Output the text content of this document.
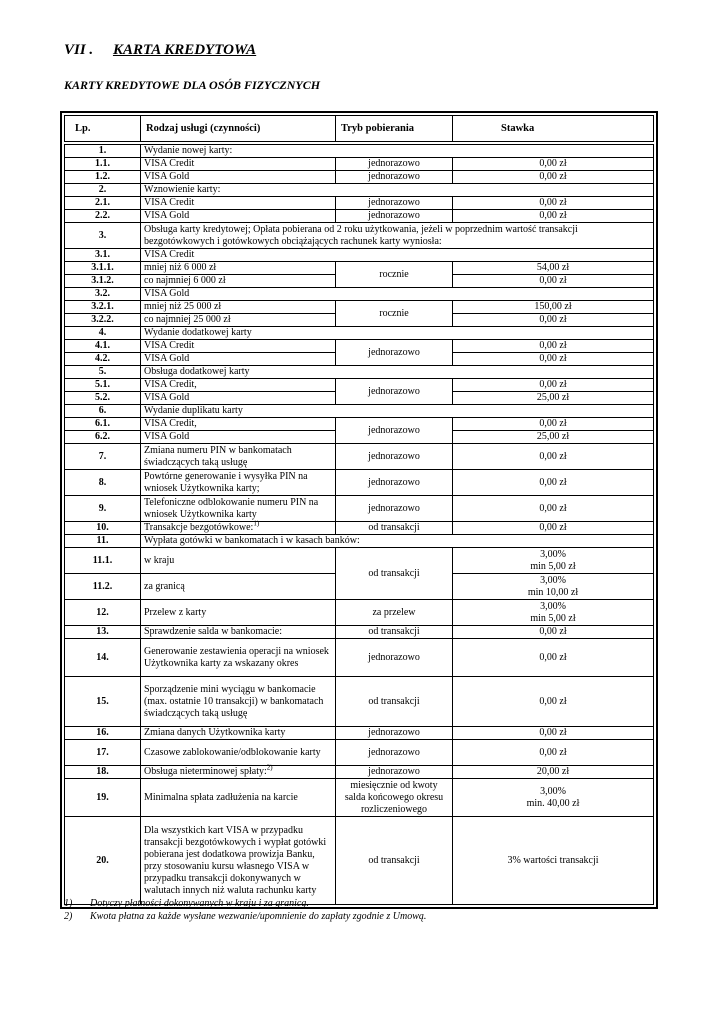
VII . KARTA KREDYTOWA
KARTY KREDYTOWE DLA OSÓB FIZYCZNYCH
Lp.	Rodzaj usługi (czynności)	Tryb pobierania	Stawka

1.	Wydanie nowej karty:		
1.1.	VISA Credit	jednorazowo	0,00 zł
1.2.	VISA Gold	jednorazowo	0,00 zł
2.	Wznowienie karty:		
2.1.	VISA Credit	jednorazowo	0,00 zł
2.2.	VISA Gold	jednorazowo	0,00 zł
3.	Obsługa karty kredytowej; Opłata pobierana od 2 roku użytkowania, jeżeli w poprzednim wartość transakcji bezgotówkowych i gotówkowych obciążających rachunek karty wyniosła:		
3.1.	VISA Credit		
3.1.1.	mniej niż 6 000 zł	rocznie	54,00 zł
3.1.2.	co najmniej 6 000 zł		0,00 zł
3.2.	VISA Gold		
3.2.1.	mniej niż 25 000 zł	rocznie	150,00 zł
3.2.2.	co najmniej 25 000 zł		0,00 zł
4.	Wydanie dodatkowej karty		
4.1.	VISA Credit	jednorazowo	0,00 zł
4.2.	VISA Gold		0,00 zł
5.	Obsługa dodatkowej karty		
5.1.	VISA Credit,	jednorazowo	0,00 zł
5.2.	VISA Gold		25,00 zł
6.	Wydanie duplikatu karty		
6.1.	VISA Credit,	jednorazowo	0,00 zł
6.2.	VISA Gold		25,00 zł
7.	Zmiana numeru PIN w bankomatach świadczących taką usługę	jednorazowo	0,00 zł
8.	Powtórne generowanie i wysyłka PIN na wniosek Użytkownika karty;	jednorazowo	0,00 zł
9.	Telefoniczne odblokowanie numeru PIN na wniosek Użytkownika karty	jednorazowo	0,00 zł
10.	Transakcje bezgotówkowe:$^{1)}$	od transakcji	0,00 zł
11.	Wypłata gotówki w bankomatach i w kasach banków:		
11.1.	w kraju	od transakcji	3,00%
min 5,00 zł

11.2.	za granicą		3,00%
min 10,00 zł

12.	Przelew z karty	za przelew	3,00%
min 5,00 zł

13.	Sprawdzenie salda w bankomacie:	od transakcji	0,00 zł
14.	Generowanie zestawienia operacji na wniosek Użytkownika karty za wskazany okres	jednorazowo	0,00 zł
15.	Sporządzenie mini wyciągu w bankomacie (max. ostatnie 10 transakcji) w bankomatach świadczących taką usługę	od transakcji	0,00 zł
16.	Zmiana danych Użytkownika karty	jednorazowo	0,00 zł
17.	Czasowe zablokowanie/odblokowanie karty	jednorazowo	0,00 zł
18.	Obsługa nieterminowej spłaty:$^{2)}$	jednorazowo	20,00 zł
19.	Minimalna spłata zadłużenia na karcie	miesięcznie od kwoty salda końcowego okresu rozliczeniowego	3,00%
min. 40,00 zł

20.	Dla wszystkich kart VISA w przypadku transakcji bezgotówkowych i wypłat gotówki pobierana jest dodatkowa prowizja Banku, przy stosowaniu kursu własnego VISA w przypadku transakcji dokonywanych w walutach innych niż waluta rachunku karty	od transakcji	3% wartości transakcji
1)	Dotyczy płatności dokonywanych w kraju i za granicą.
2)	Kwota płatna za każde wysłane wezwanie/upomnienie do zapłaty zgodnie z Umową.
